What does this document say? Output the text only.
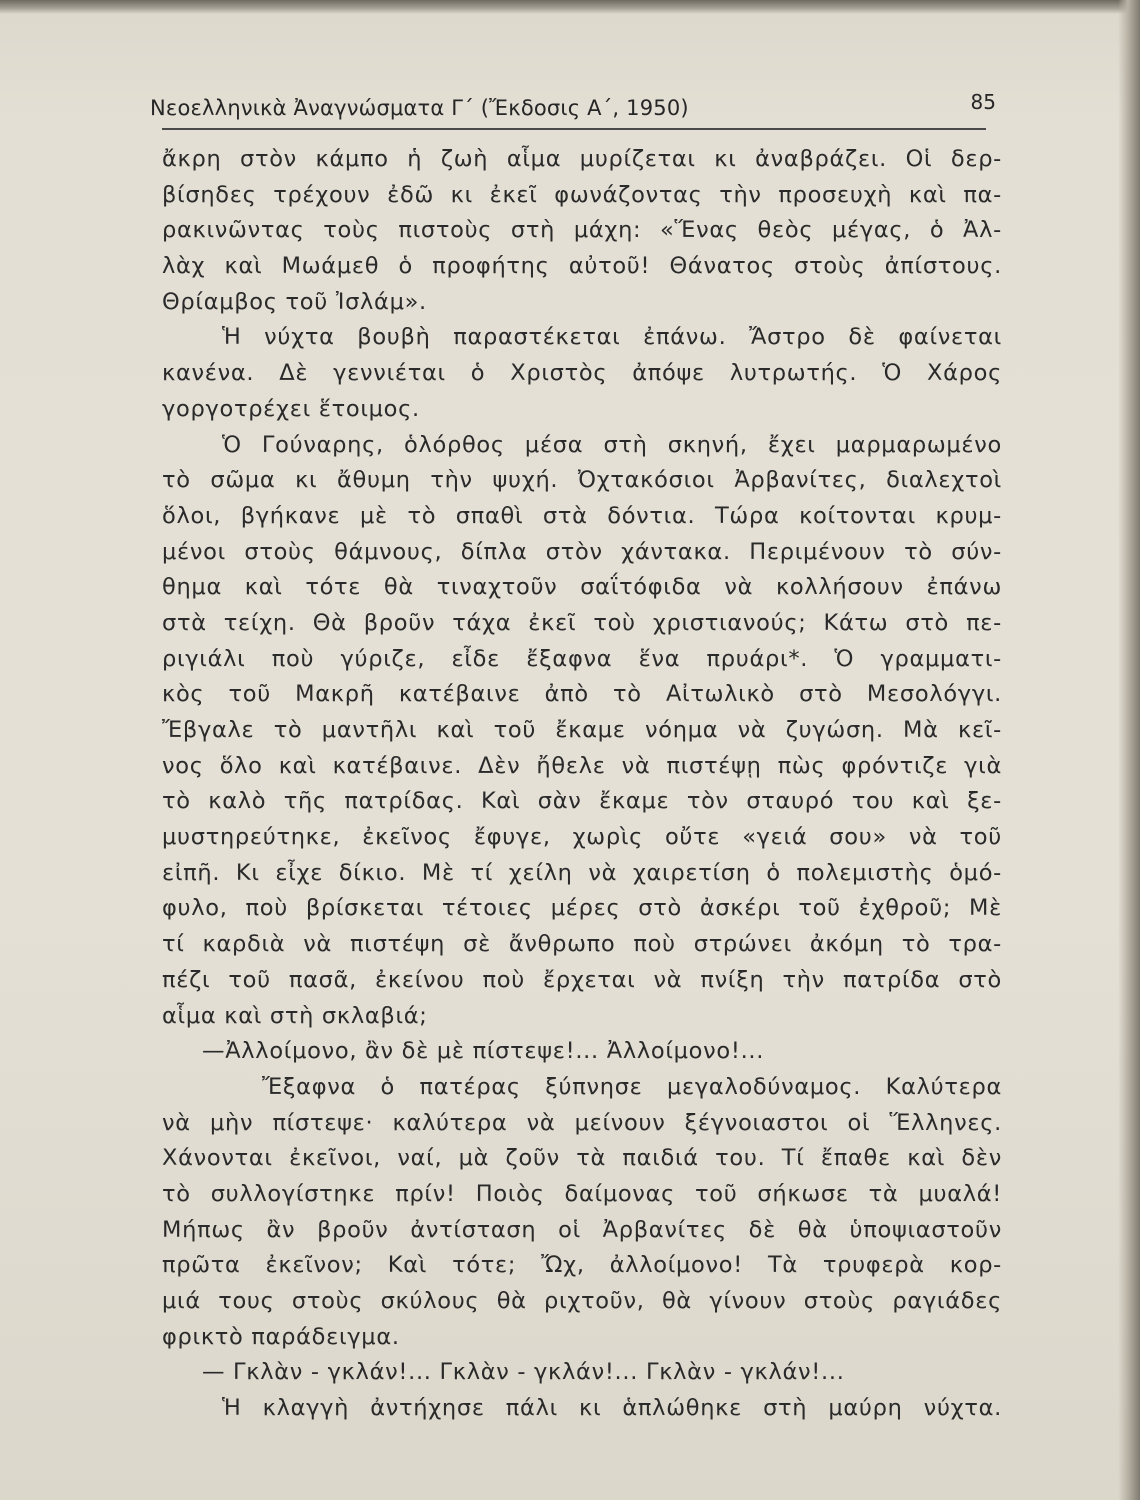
Νεοελληνικὰ Ἀναγνώσματα Γ΄ (Ἔκδοσις Α΄, 1950)	85
ἄκρη στὸν κάμπο ἡ ζωὴ αἷμα μυρίζεται κι ἀναβράζει. Οἱ δερ-
βίσηδες τρέχουν ἐδῶ κι ἐκεῖ φωνάζοντας τὴν προσευχὴ καὶ πα-
ρακινῶντας τοὺς πιστοὺς στὴ μάχη: «Ἕνας θεὸς μέγας, ὁ Ἀλ-
λὰχ καὶ Μωάμεθ ὁ προφήτης αὐτοῦ! Θάνατος στοὺς ἀπίστους.
Θρίαμβος τοῦ Ἰσλάμ».
Ἡ νύχτα βουβὴ παραστέκεται ἐπάνω. Ἄστρο δὲ φαίνεται
κανένα. Δὲ γεννιέται ὁ Χριστὸς ἀπόψε λυτρωτής. Ὁ Χάρος
γοργοτρέχει ἕτοιμος.
Ὁ Γούναρης, ὁλόρθος μέσα στὴ σκηνή, ἔχει μαρμαρωμένο
τὸ σῶμα κι ἄθυμη τὴν ψυχή. Ὀχτακόσιοι Ἀρβανίτες, διαλεχτοὶ
ὅλοι, βγήκανε μὲ τὸ σπαθὶ στὰ δόντια. Τώρα κοίτονται κρυμ-
μένοι στοὺς θάμνους, δίπλα στὸν χάντακα. Περιμένουν τὸ σύν-
θημα καὶ τότε θὰ τιναχτοῦν σαΐτόφιδα νὰ κολλήσουν ἐπάνω
στὰ τείχη. Θὰ βροῦν τάχα ἐκεῖ τοὺ χριστιανούς; Κάτω στὸ πε-
ριγιάλι ποὺ γύριζε, εἶδε ἔξαφνα ἕνα πρυάρι*. Ὁ γραμματι-
κὸς τοῦ Μακρῆ κατέβαινε ἀπὸ τὸ Αἰτωλικὸ στὸ Μεσολόγγι.
Ἔβγαλε τὸ μαντῆλι καὶ τοῦ ἔκαμε νόημα νὰ ζυγώση. Μὰ κεῖ-
νος ὅλο καὶ κατέβαινε. Δὲν ἤθελε νὰ πιστέψῃ πὼς φρόντιζε γιὰ
τὸ καλὸ τῆς πατρίδας. Καὶ σὰν ἔκαμε τὸν σταυρό του καὶ ξε-
μυστηρεύτηκε, ἐκεῖνος ἔφυγε, χωρὶς οὔτε «γειά σου» νὰ τοῦ
εἰπῆ. Κι εἶχε δίκιο. Μὲ τί χείλη νὰ χαιρετίση ὁ πολεμιστὴς ὁμό-
φυλο, ποὺ βρίσκεται τέτοιες μέρες στὸ ἀσκέρι τοῦ ἐχθροῦ; Μὲ
τί καρδιὰ νὰ πιστέψη σὲ ἄνθρωπο ποὺ στρώνει ἀκόμη τὸ τρα-
πέζι τοῦ πασᾶ, ἐκείνου ποὺ ἔρχεται νὰ πνίξη τὴν πατρίδα στὸ
αἷμα καὶ στὴ σκλαβιά;
—Ἀλλοίμονο, ἂν δὲ μὲ πίστεψε!... Ἀλλοίμονο!...
Ἔξαφνα ὁ πατέρας ξύπνησε μεγαλοδύναμος. Καλύτερα
νὰ μὴν πίστεψε· καλύτερα νὰ μείνουν ξέγνοιαστοι οἱ Ἕλληνες.
Χάνονται ἐκεῖνοι, ναί, μὰ ζοῦν τὰ παιδιά του. Τί ἔπαθε καὶ δὲν
τὸ συλλογίστηκε πρίν! Ποιὸς δαίμονας τοῦ σήκωσε τὰ μυαλά!
Μήπως ἂν βροῦν ἀντίσταση οἱ Ἀρβανίτες δὲ θὰ ὑποψιαστοῦν
πρῶτα ἐκεῖνον; Καὶ τότε; Ὤχ, ἀλλοίμονο! Τὰ τρυφερὰ κορ-
μιά τους στοὺς σκύλους θὰ ριχτοῦν, θὰ γίνουν στοὺς ραγιάδες
φρικτὸ παράδειγμα.
— Γκλὰν - γκλάν!... Γκλὰν - γκλάν!... Γκλὰν - γκλάν!...
Ἡ κλαγγὴ ἀντήχησε πάλι κι ἁπλώθηκε στὴ μαύρη νύχτα.
